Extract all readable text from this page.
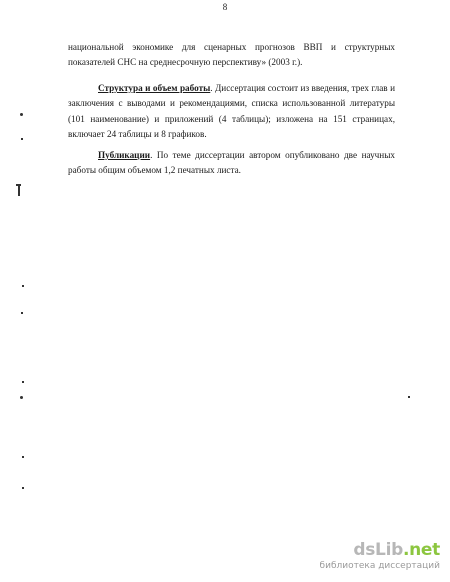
8

национальной экономике для сценарных прогнозов ВВП и структурных показателей СНС на среднесрочную перспективу» (2003 г.).

Структура и объем работы. Диссертация состоит из введения, трех глав и заключения с выводами и рекомендациями, списка использованной литературы (101 наименование) и приложений (4 таблицы); изложена на 151 страницах, включает 24 таблицы и 8 графиков.

Публикации. По теме диссертации автором опубликовано две научных работы общим объемом 1,2 печатных листа.

dsLib.net
библиотека диссертаций
